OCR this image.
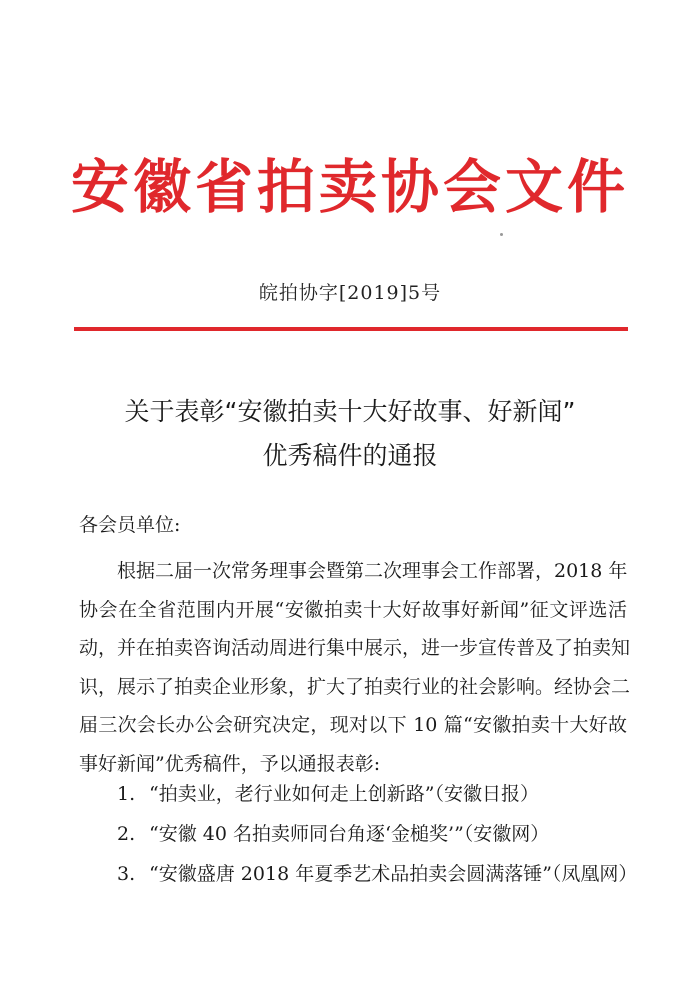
安徽省拍卖协会文件
皖拍协字[2019]5号
关于表彰“安徽拍卖十大好故事、好新闻”
优秀稿件的通报
各会员单位:
根据二届一次常务理事会暨第二次理事会工作部署，2018 年
协会在全省范围内开展“安徽拍卖十大好故事好新闻”征文评选活
动，并在拍卖咨询活动周进行集中展示，进一步宣传普及了拍卖知
识，展示了拍卖企业形象，扩大了拍卖行业的社会影响。经协会二
届三次会长办公会研究决定，现对以下 10 篇“安徽拍卖十大好故
事好新闻”优秀稿件，予以通报表彰:
1. “拍卖业，老行业如何走上创新路”（安徽日报）
2. “安徽 40 名拍卖师同台角逐‘金槌奖’”（安徽网）
3. “安徽盛唐 2018 年夏季艺术品拍卖会圆满落锤”（凤凰网）
